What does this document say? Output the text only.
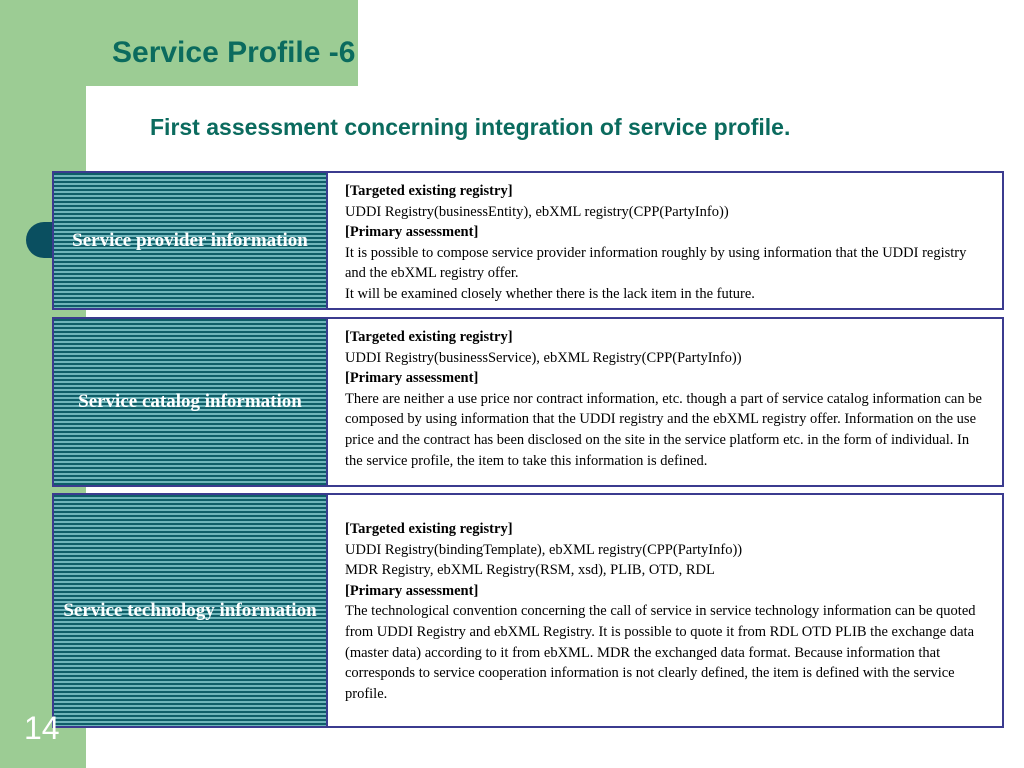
Service Profile -6
First assessment concerning integration of service profile.
Service provider information

[Targeted existing registry]

UDDI Registry(businessEntity), ebXML registry(CPP(PartyInfo))

[Primary assessment]

It is possible to compose service provider information roughly by using information that the UDDI registry and the ebXML registry offer.

It will be examined closely whether there is the lack item in the future.

Service catalog information

[Targeted existing registry]

UDDI Registry(businessService), ebXML Registry(CPP(PartyInfo))

[Primary assessment]

There are neither a use price nor contract information, etc. though a part of service catalog information can be composed by using information that the UDDI registry and the ebXML registry offer. Information on the use price and the contract has been disclosed on the site in the service platform etc. in the form of individual. In the service profile, the item to take this information is defined.

Service technology information

[Targeted existing registry]

UDDI Registry(bindingTemplate), ebXML registry(CPP(PartyInfo))

MDR Registry, ebXML Registry(RSM, xsd), PLIB, OTD, RDL

[Primary assessment]

The technological convention concerning the call of service in service technology information can be quoted from UDDI Registry and ebXML Registry. It is possible to quote it from RDL OTD PLIB the exchange data (master data) according to it from ebXML. MDR the exchanged data format. Because information that corresponds to service cooperation information is not clearly defined, the item is defined with the service profile.

14
